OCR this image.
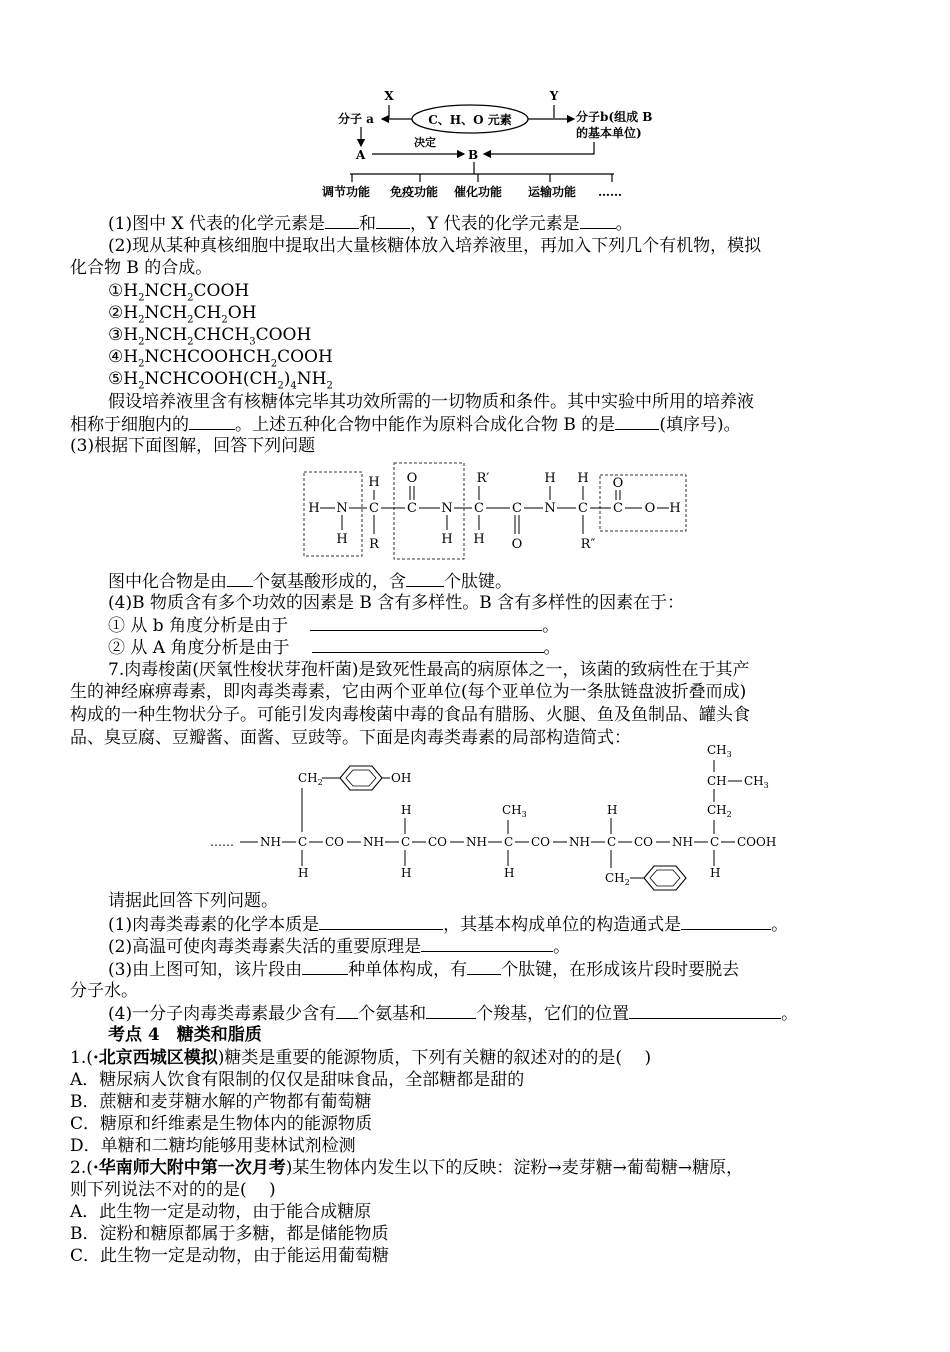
X	Y
C、H、O 元素
分子 a	分子b(组成 B
的基本单位)
A
决定
B
调节功能 免疫功能 催化功能 运输功能 ……
(1)图中 X 代表的化学元素是 和 ，Y 代表的化学元素是 。
(2)现从某种真核细胞中提取出大量核糖体放入培养液里，再加入下列几个有机物，模拟
化合物 B 的合成。
$①H_2NCH_2COOH$
$②H_2NCH_2CH_2OH$
$③H_2NCH_2CHCH_3COOH$
$④H_2NCHCOOHCH_2COOH$
$⑤H_2NCHCOOH(CH_2)_4NH_2$
假设培养液里含有核糖体完毕其功效所需的一切物质和条件。其中实验中所用的培养液
相称于细胞内的	。上述五种化合物中能作为原料合成化合物 B 的是	(填序号)。
(3)根据下面图解，回答下列问题
H N
H
C
H
R
C
O
N
H
C
R′
H
C
O
N
H
C
H
R″
C
O
O H
图中化合物是由 个氨基酸形成的，含 个肽键。
(4)B 物质含有多个功效的因素是 B 含有多样性。B 含有多样性的因素在于：
① 从 b 角度分析是由于	。
② 从 A 角度分析是由于	。
7.肉毒梭菌(厌氧性梭状芽孢杆菌)是致死性最高的病原体之一，该菌的致病性在于其产
生的神经麻痹毒素，即肉毒类毒素，它由两个亚单位(每个亚单位为一条肽链盘波折叠而成)
构成的一种生物状分子。可能引发肉毒梭菌中毒的食品有腊肠、火腿、鱼及鱼制品、罐头食
品、臭豆腐、豆瓣酱、面酱、豆豉等。下面是肉毒类毒素的局部构造简式：
…… NH C CO NH C CO NH C CO NH C CO NH C COOH
$CH_2$	OH
H
H
H
$CH_3$
H
H
$CH_2$
$CH_3$
CH $CH_3$
$CH_2$
H
请据此回答下列问题。
(1)肉毒类毒素的化学本质是	，其基本构成单位的构造通式是	。
(2)高温可使肉毒类毒素失活的重要原理是	。
(3)由上图可知，该片段由	种单体构成，有 个肽键，在形成该片段时要脱去
分子水。
(4)一分子肉毒类毒素最少含有 个氨基和	个羧基，它们的位置	。
考点 4　糖类和脂质
1.(·北京西城区模拟)糖类是重要的能源物质，下列有关糖的叙述对的的是(　 )
A．糖尿病人饮食有限制的仅仅是甜味食品，全部糖都是甜的
B．蔗糖和麦芽糖水解的产物都有葡萄糖
C．糖原和纤维素是生物体内的能源物质
D．单糖和二糖均能够用斐林试剂检测
2.(·华南师大附中第一次月考)某生物体内发生以下的反映：淀粉→麦芽糖→葡萄糖→糖原，
则下列说法不对的的是(　 )
A．此生物一定是动物，由于能合成糖原
B．淀粉和糖原都属于多糖，都是储能物质
C．此生物一定是动物，由于能运用葡萄糖
